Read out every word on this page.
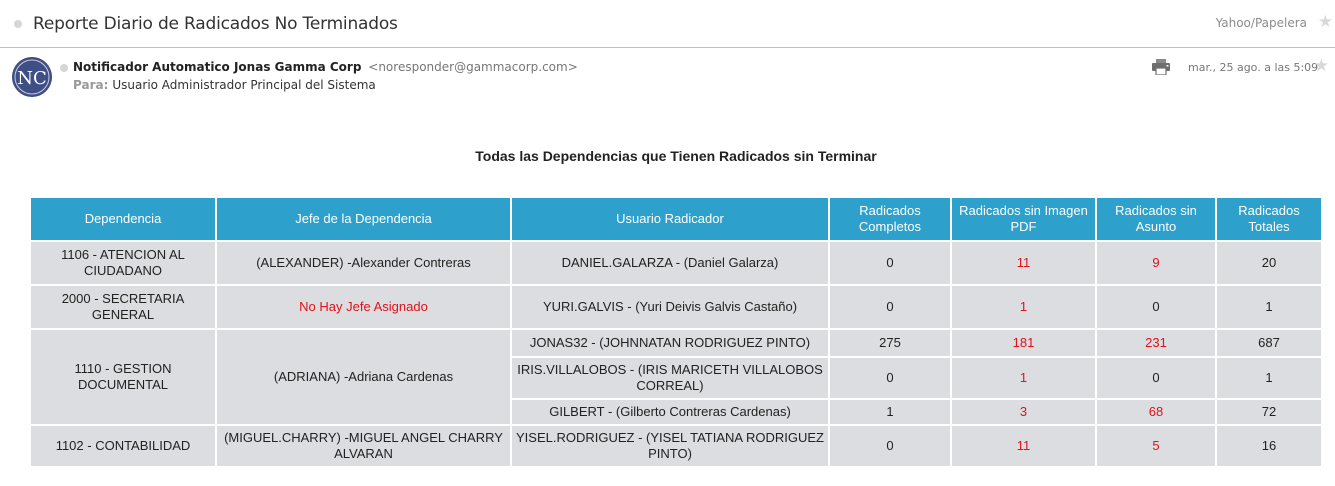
Reporte Diario de Radicados No Terminados	Yahoo/Papelera ★
NC
Notificador Automatico Jonas Gamma Corp <noresponder@gammacorp.com>
Para: Usuario Administrador Principal del Sistema
mar., 25 ago. a las 5:09
★
Todas las Dependencias que Tienen Radicados sin Terminar
Dependencia	Jefe de la Dependencia	Usuario Radicador	Radicados Completos	Radicados sin Imagen PDF	Radicados sin Asunto	Radicados Totales
1106 - ATENCION AL CIUDADANO	(ALEXANDER) -Alexander Contreras	DANIEL.GALARZA - (Daniel Galarza)	0	11	9	20
2000 - SECRETARIA GENERAL	No Hay Jefe Asignado	YURI.GALVIS - (Yuri Deivis Galvis Castaño)	0	1	0	1
1110 - GESTION DOCUMENTAL	(ADRIANA) -Adriana Cardenas	JONAS32 - (JOHNNATAN RODRIGUEZ PINTO)	275	181	231	687
		IRIS.VILLALOBOS - (IRIS MARICETH VILLALOBOS CORREAL)	0	1	0	1
		GILBERT - (Gilberto Contreras Cardenas)	1	3	68	72
1102 - CONTABILIDAD	(MIGUEL.CHARRY) -MIGUEL ANGEL CHARRY ALVARAN	YISEL.RODRIGUEZ - (YISEL TATIANA RODRIGUEZ PINTO)	0	11	5	16
